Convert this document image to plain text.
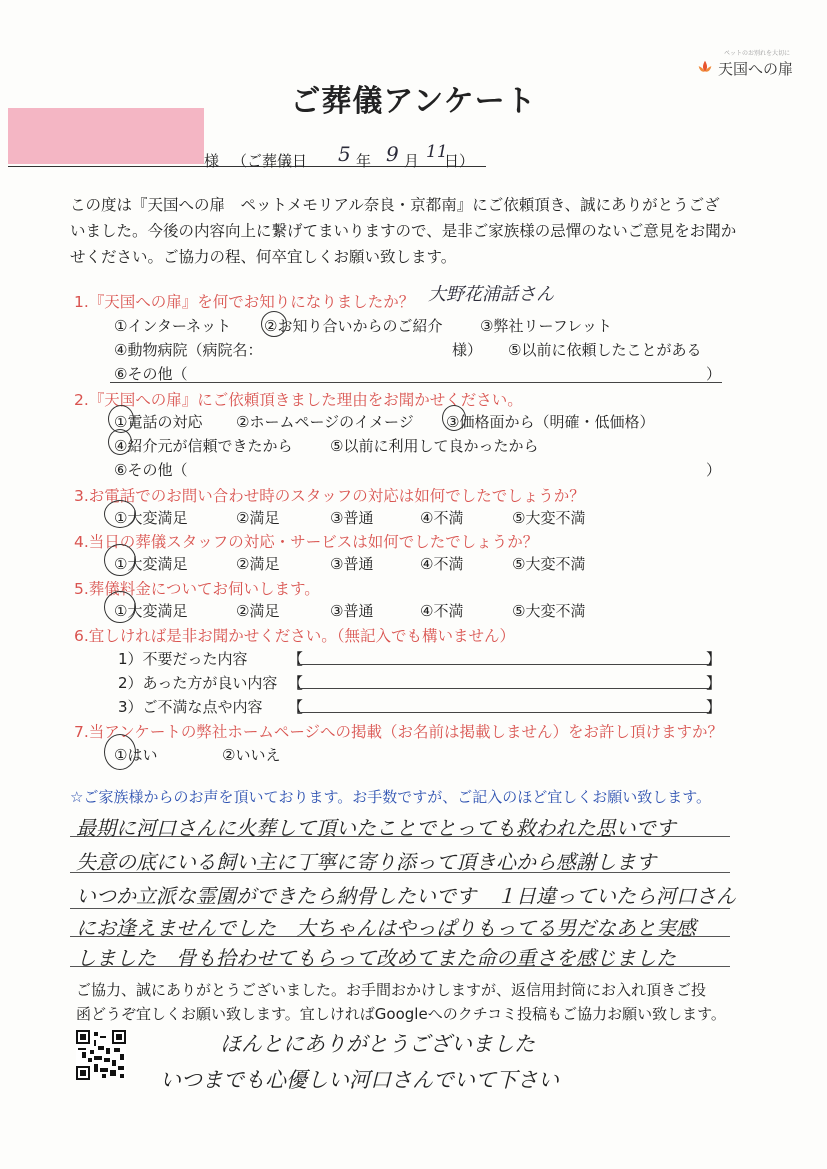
ペットのお別れを大切に
天国への扉
ご葬儀アンケート
様 （ご葬儀日 5 年 9 月 11
日）
この度は『天国への扉　ペットメモリアル奈良・京都南』にご依頼頂き、誠にありがとうござ
いました。今後の内容向上に繋げてまいりますので、是非ご家族様の忌憚のないご意見をお聞か
せください。ご協力の程、何卒宜しくお願い致します。
1.『天国への扉』を何でお知りになりましたか？ 大野花浦話さん
①インターネット ②お知り合いからのご紹介	③弊社リーフレット
④動物病院（病院名：	様） ⑤以前に依頼したことがある
⑥その他（	）
2.『天国への扉』にご依頼頂きました理由をお聞かせください。
①電話の対応 ②ホームページのイメージ ③価格面から（明確・低価格）
④紹介元が信頼できたから	⑤以前に利用して良かったから
⑥その他（	）
3.お電話でのお問い合わせ時のスタッフの対応は如何でしたでしょうか？
①大変満足	②満足	③普通	④不満	⑤大変不満
4.当日の葬儀スタッフの対応・サービスは如何でしたでしょうか？
①大変満足	②満足	③普通	④不満	⑤大変不満
5.葬儀料金についてお伺いします。
①大変満足	②満足	③普通	④不満	⑤大変不満
6.宜しければ是非お聞かせください。（無記入でも構いません）
1）不要だった内容	【	】
2）あった方が良い内容 【	】
3）ご不満な点や内容 【	】
7.当アンケートの弊社ホームページへの掲載（お名前は掲載しません）をお許し頂けますか？
①はい	②いいえ
☆ご家族様からのお声を頂いております。お手数ですが、ご記入のほど宜しくお願い致します。
最期に河口さんに火葬して頂いたことでとっても救われた思いです
失意の底にいる飼い主に丁寧に寄り添って頂き心から感謝します
いつか立派な霊園ができたら納骨したいです　１日違っていたら河口さん
にお逢えませんでした　大ちゃんはやっぱりもってる男だなあと実感
しました　骨も拾わせてもらって改めてまた命の重さを感じました
ご協力、誠にありがとうございました。お手間おかけしますが、返信用封筒にお入れ頂きご投
函どうぞ宜しくお願い致します。宜しければGoogleへのクチコミ投稿もご協力お願い致します。
ほんとにありがとうございました
いつまでも心優しい河口さんでいて下さい
